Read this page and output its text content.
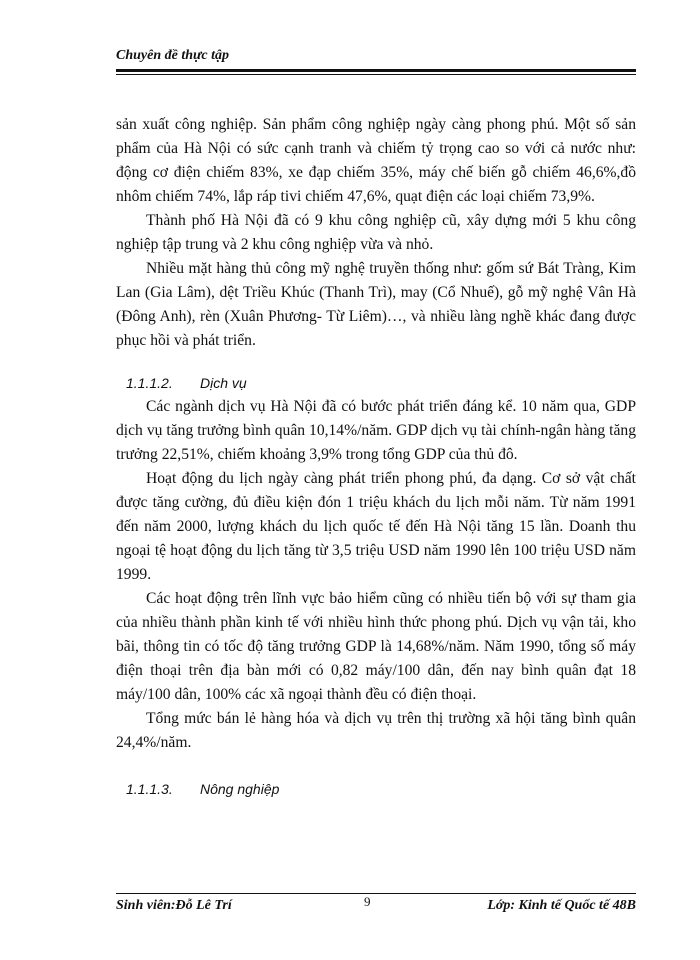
Chuyên đề thực tập

sản xuất công nghiệp. Sản phẩm công nghiệp ngày càng phong phú. Một số sản phẩm của Hà Nội có sức cạnh tranh và chiếm tỷ trọng cao so với cả nước như: động cơ điện chiếm 83%, xe đạp chiếm 35%, máy chế biến gỗ chiếm 46,6%,đồ nhôm chiếm 74%, lắp ráp tivi chiếm 47,6%, quạt điện các loại chiếm 73,9%.

Thành phố Hà Nội đã có 9 khu công nghiệp cũ, xây dựng mới 5 khu công nghiệp tập trung và 2 khu công nghiệp vừa và nhỏ.

Nhiều mặt hàng thủ công mỹ nghệ truyền thống như: gốm sứ Bát Tràng, Kim Lan (Gia Lâm), dệt Triều Khúc (Thanh Trì), may (Cổ Nhuế), gỗ mỹ nghệ Vân Hà (Đông Anh), rèn (Xuân Phương- Từ Liêm)…, và nhiều làng nghề khác đang được phục hồi và phát triển.

1.1.1.2. Dịch vụ

Các ngành dịch vụ Hà Nội đã có bước phát triển đáng kể. 10 năm qua, GDP dịch vụ tăng trưởng bình quân 10,14%/năm. GDP dịch vụ tài chính-ngân hàng tăng trưởng 22,51%, chiếm khoảng 3,9% trong tổng GDP của thủ đô.

Hoạt động du lịch ngày càng phát triển phong phú, đa dạng. Cơ sở vật chất được tăng cường, đủ điều kiện đón 1 triệu khách du lịch mỗi năm. Từ năm 1991 đến năm 2000, lượng khách du lịch quốc tế đến Hà Nội tăng 15 lần. Doanh thu ngoại tệ hoạt động du lịch tăng từ 3,5 triệu USD năm 1990 lên 100 triệu USD năm 1999.

Các hoạt động trên lĩnh vực bảo hiểm cũng có nhiều tiến bộ với sự tham gia của nhiều thành phần kinh tế với nhiều hình thức phong phú. Dịch vụ vận tải, kho bãi, thông tin có tốc độ tăng trưởng GDP là 14,68%/năm. Năm 1990, tổng số máy điện thoại trên địa bàn mới có 0,82 máy/100 dân, đến nay bình quân đạt 18 máy/100 dân, 100% các xã ngoại thành đều có điện thoại.

Tổng mức bán lẻ hàng hóa và dịch vụ trên thị trường xã hội tăng bình quân 24,4%/năm.

1.1.1.3. Nông nghiệp
Sinh viên:Đỗ Lê Trí	9	Lớp: Kinh tế Quốc tế 48B
